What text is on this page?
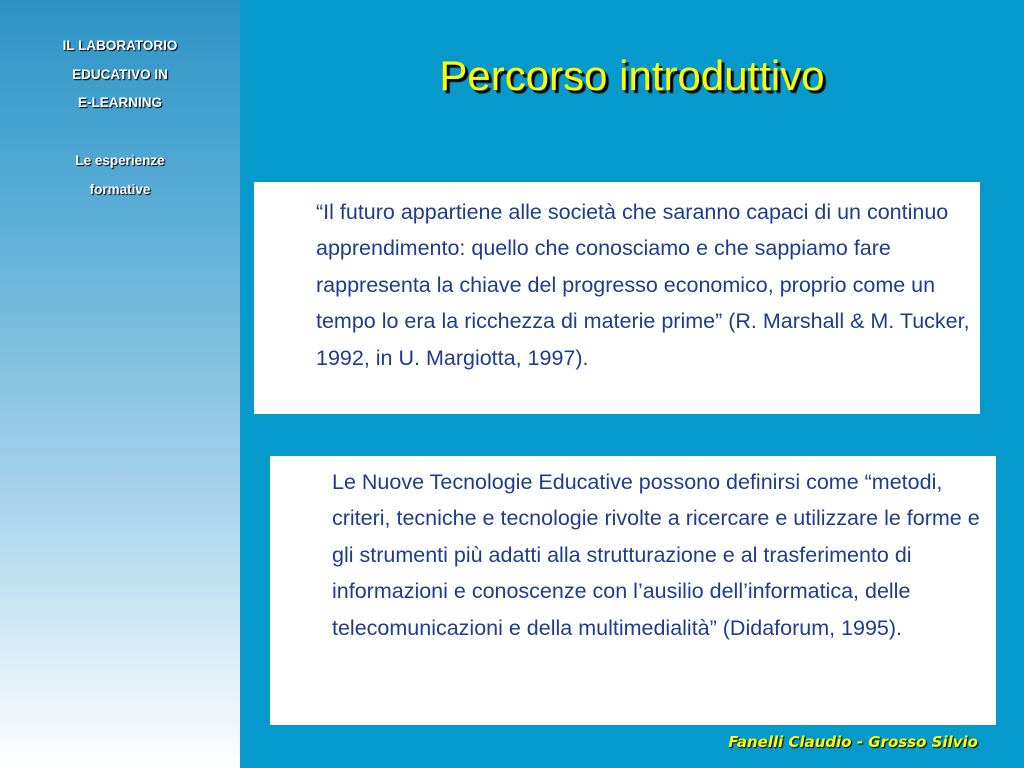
IL LABORATORIO
EDUCATIVO IN
E-LEARNING
Le esperienze
formative
Percorso introduttivo
“Il futuro appartiene alle società che saranno capaci di un continuo apprendimento: quello che conosciamo e che sappiamo fare rappresenta la chiave del progresso economico, proprio come un tempo lo era la ricchezza di materie prime” (R. Marshall & M. Tucker, 1992, in U. Margiotta, 1997).
Le Nuove Tecnologie Educative possono definirsi come “metodi, criteri, tecniche e tecnologie rivolte a ricercare e utilizzare le forme e gli strumenti più adatti alla strutturazione e al trasferimento di informazioni e conoscenze con l’ausilio dell’informatica, delle telecomunicazioni e della multimedialità” (Didaforum, 1995).
Fanelli Claudio - Grosso Silvio
